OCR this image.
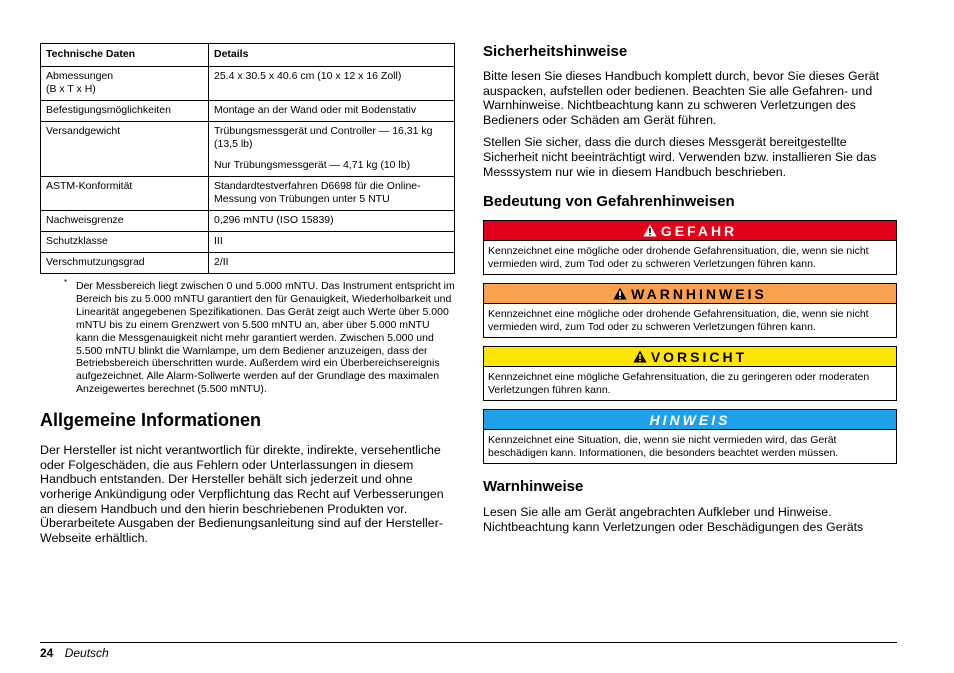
Technische Daten	Details

Abmessungen
(B x T x H)	25.4 x 30.5 x 40.6 cm (10 x 12 x 16 Zoll)

Befestigungsmöglichkeiten	Montage an der Wand oder mit Bodenstativ

Versandgewicht	Trübungsmessgerät und Controller — 16,31 kg (13,5 lb)

Nur Trübungsmessgerät — 4,71 kg (10 lb)

ASTM-Konformität	Standardtestverfahren D6698 für die Online-Messung von Trübungen unter 5 NTU

Nachweisgrenze	0,296 mNTU (ISO 15839)

Schutzklasse	III

Verschmutzungsgrad	2/II

* Der Messbereich liegt zwischen 0 und 5.000 mNTU. Das Instrument entspricht im Bereich bis zu 5.000 mNTU garantiert den für Genauigkeit, Wiederholbarkeit und Linearität angegebenen Spezifikationen. Das Gerät zeigt auch Werte über 5.000 mNTU bis zu einem Grenzwert von 5.500 mNTU an, aber über 5.000 mNTU kann die Messgenauigkeit nicht mehr garantiert werden. Zwischen 5.000 und 5.500 mNTU blinkt die Warnlampe, um dem Bediener anzuzeigen, dass der Betriebsbereich überschritten wurde. Außerdem wird ein Überbereichsereignis aufgezeichnet. Alle Alarm-Sollwerte werden auf der Grundlage des maximalen Anzeigewertes berechnet (5.500 mNTU).
Allgemeine Informationen

Der Hersteller ist nicht verantwortlich für direkte, indirekte, versehentliche oder Folgeschäden, die aus Fehlern oder Unterlassungen in diesem Handbuch entstanden. Der Hersteller behält sich jederzeit und ohne vorherige Ankündigung oder Verpflichtung das Recht auf Verbesserungen an diesem Handbuch und den hierin beschriebenen Produkten vor. Überarbeitete Ausgaben der Bedienungsanleitung sind auf der Hersteller-Webseite erhältlich.

Sicherheitshinweise

Bitte lesen Sie dieses Handbuch komplett durch, bevor Sie dieses Gerät auspacken, aufstellen oder bedienen. Beachten Sie alle Gefahren- und Warnhinweise. Nichtbeachtung kann zu schweren Verletzungen des Bedieners oder Schäden am Gerät führen.

Stellen Sie sicher, dass die durch dieses Messgerät bereitgestellte Sicherheit nicht beeinträchtigt wird. Verwenden bzw. installieren Sie das Messsystem nur wie in diesem Handbuch beschrieben.

Bedeutung von Gefahrenhinweisen
GEFAHR
Kennzeichnet eine mögliche oder drohende Gefahrensituation, die, wenn sie nicht vermieden wird, zum Tod oder zu schweren Verletzungen führen kann.
WARNHINWEIS
Kennzeichnet eine mögliche oder drohende Gefahrensituation, die, wenn sie nicht vermieden wird, zum Tod oder zu schweren Verletzungen führen kann.
VORSICHT
Kennzeichnet eine mögliche Gefahrensituation, die zu geringeren oder moderaten Verletzungen führen kann.
HINWEIS
Kennzeichnet eine Situation, die, wenn sie nicht vermieden wird, das Gerät beschädigen kann. Informationen, die besonders beachtet werden müssen.
Warnhinweise

Lesen Sie alle am Gerät angebrachten Aufkleber und Hinweise. Nichtbeachtung kann Verletzungen oder Beschädigungen des Geräts

24 Deutsch
